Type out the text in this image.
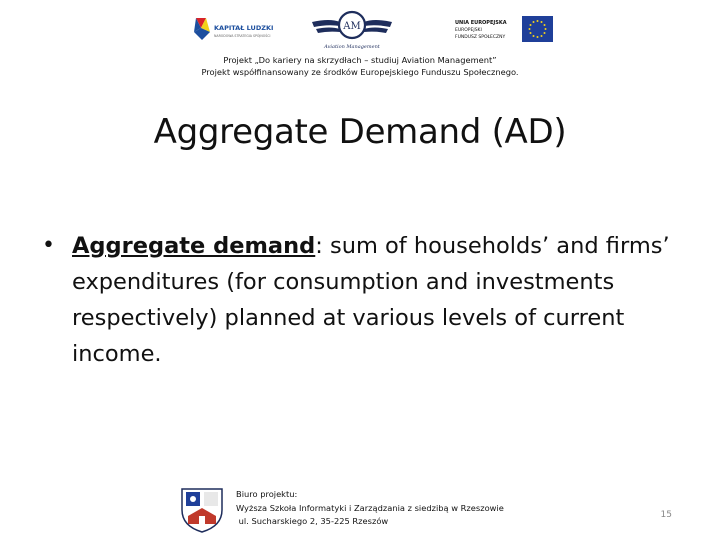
KAPITAŁ LUDZKI
NARODOWA STRATEGIA SPÓJNOŚCI
AM
Aviation Management
UNIA EUROPEJSKA
EUROPEJSKI
FUNDUSZ SPOŁECZNY
Projekt „Do kariery na skrzydłach – studiuj Aviation Management”
Projekt współfinansowany ze środków Europejskiego Funduszu Społecznego.
Aggregate Demand (AD)
• Aggregate demand: sum of households’ and firms’ expenditures (for consumption and investments respectively) planned at various levels of current income.
Biuro projektu:
Wyższa Szkoła Informatyki i Zarządzania z siedzibą w Rzeszowie
ul. Sucharskiego 2, 35-225 Rzeszów
15
